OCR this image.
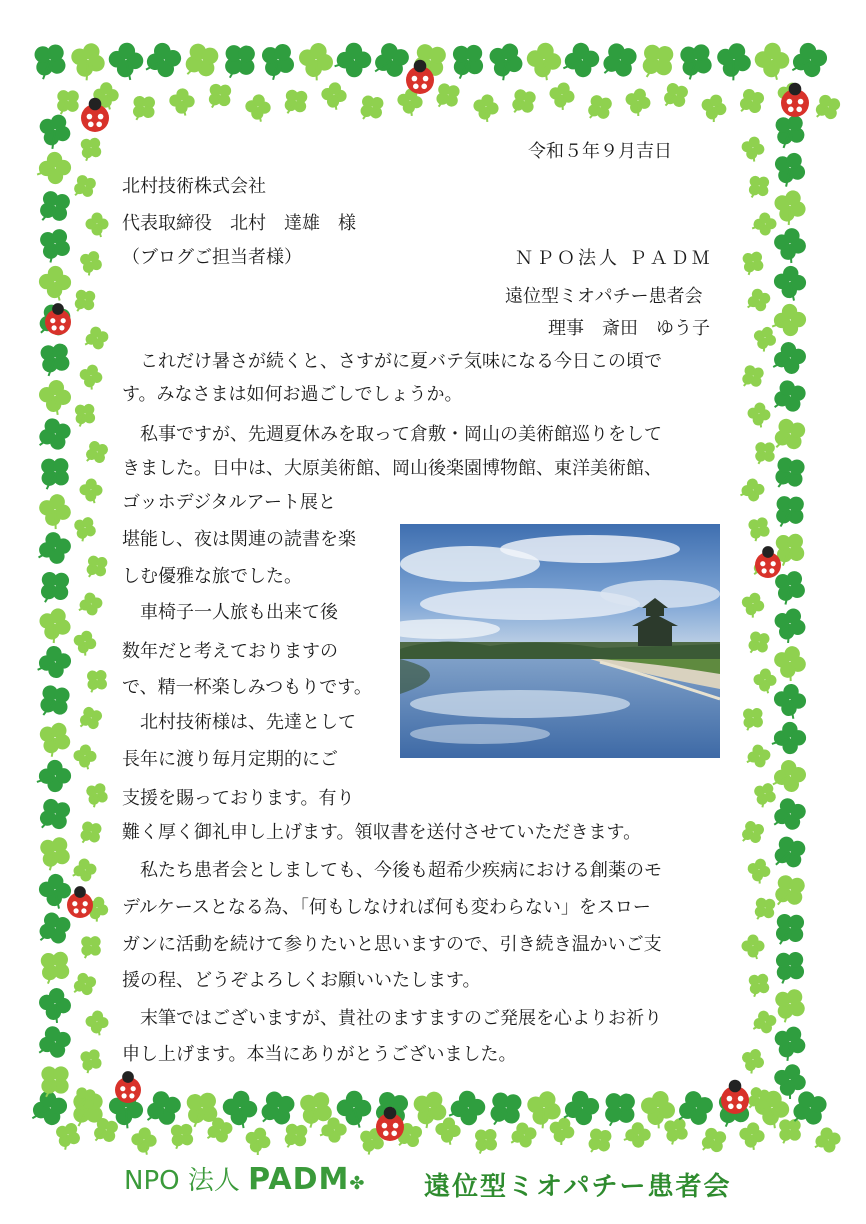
令和５年９月吉日
北村技術株式会社
代表取締役　北村　達雄　様
（ブログご担当者様）	ＮＰＯ法人 ＰＡＤＭ
遠位型ミオパチー患者会
理事　斎田　ゆう子
　これだけ暑さが続くと、さすがに夏バテ気味になる今日この頃で
す。みなさまは如何お過ごしでしょうか。
　私事ですが、先週夏休みを取って倉敷・岡山の美術館巡りをして
きました。日中は、大原美術館、岡山後楽園博物館、東洋美術館、
ゴッホデジタルアート展と
堪能し、夜は関連の読書を楽
しむ優雅な旅でした。
　車椅子一人旅も出来て後
数年だと考えておりますの
で、精一杯楽しみつもりです。
　北村技術様は、先達として
長年に渡り毎月定期的にご
支援を賜っております。有り
難く厚く御礼申し上げます。領収書を送付させていただきます。
　私たち患者会としましても、今後も超希少疾病における創薬のモ
デルケースとなる為、「何もしなければ何も変わらない」をスロー
ガンに活動を続けて参りたいと思いますので、引き続き温かいご支
援の程、どうぞよろしくお願いいたします。
　末筆ではございますが、貴社のますますのご発展を心よりお祈り
申し上げます。本当にありがとうございました。
NPO 法人 PADM✤ 遠位型ミオパチー患者会
